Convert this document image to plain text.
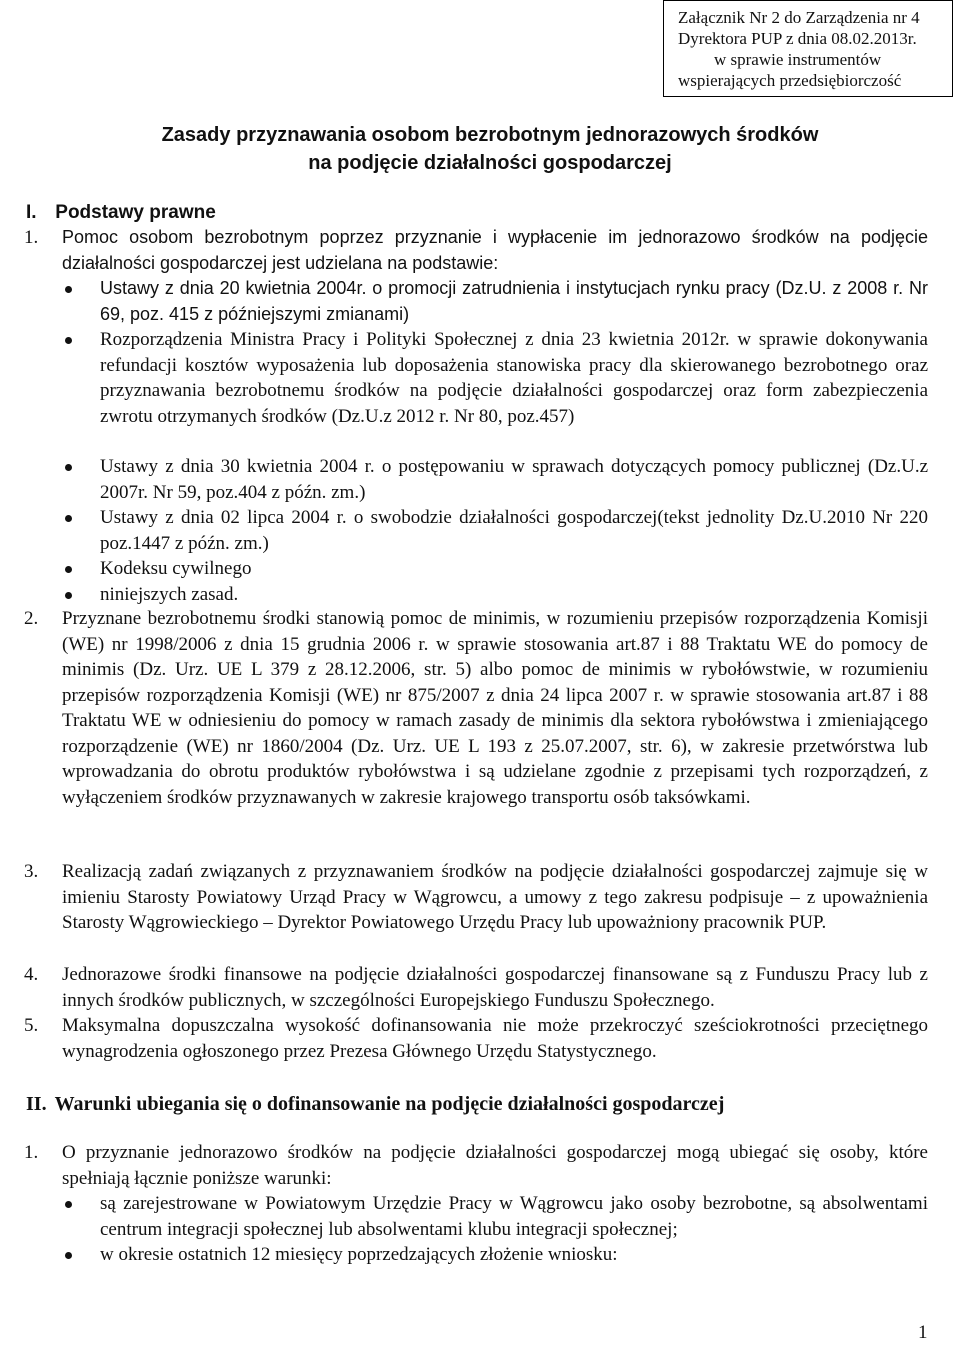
Załącznik Nr 2 do Zarządzenia nr 4
Dyrektora PUP z dnia 08.02.2013r.
w sprawie instrumentów
wspierających przedsiębiorczość
Zasady przyznawania osobom bezrobotnym jednorazowych środków
na podjęcie działalności gospodarczej
I. Podstawy prawne
1. Pomoc osobom bezrobotnym poprzez przyznanie i wypłacenie im jednorazowo środków na podjęcie działalności gospodarczej jest udzielana na podstawie:

Ustawy z dnia 20 kwietnia 2004r. o promocji zatrudnienia i instytucjach rynku pracy (Dz.U. z 2008 r. Nr 69, poz. 415 z późniejszymi zmianami)
Rozporządzenia Ministra Pracy i Polityki Społecznej z dnia 23 kwietnia 2012r. w sprawie dokonywania refundacji kosztów wyposażenia lub doposażenia stanowiska pracy dla skierowanego bezrobotnego oraz przyznawania bezrobotnemu środków na podjęcie działalności gospodarczej oraz form zabezpieczenia zwrotu otrzymanych środków (Dz.U.z 2012 r. Nr 80, poz.457)
Ustawy z dnia 30 kwietnia 2004 r. o postępowaniu w sprawach dotyczących pomocy publicznej (Dz.U.z 2007r. Nr 59, poz.404 z późn. zm.)
Ustawy z dnia 02 lipca 2004 r. o swobodzie działalności gospodarczej(tekst jednolity Dz.U.2010 Nr 220 poz.1447 z późn. zm.)
Kodeksu cywilnego
niniejszych zasad.
2. Przyznane bezrobotnemu środki stanowią pomoc de minimis, w rozumieniu przepisów rozporządzenia Komisji (WE) nr 1998/2006 z dnia 15 grudnia 2006 r. w sprawie stosowania art.87 i 88 Traktatu WE do pomocy de minimis (Dz. Urz. UE L 379 z 28.12.2006, str. 5) albo pomoc de minimis w rybołówstwie, w rozumieniu przepisów rozporządzenia Komisji (WE) nr 875/2007 z dnia 24 lipca 2007 r. w sprawie stosowania art.87 i 88 Traktatu WE w odniesieniu do pomocy w ramach zasady de minimis dla sektora rybołówstwa i zmieniającego rozporządzenie (WE) nr 1860/2004 (Dz. Urz. UE L 193 z 25.07.2007, str. 6), w zakresie przetwórstwa lub wprowadzania do obrotu produktów rybołówstwa i są udzielane zgodnie z przepisami tych rozporządzeń, z wyłączeniem środków przyznawanych w zakresie krajowego transportu osób taksówkami.

3. Realizacją zadań związanych z przyznawaniem środków na podjęcie działalności gospodarczej zajmuje się w imieniu Starosty Powiatowy Urząd Pracy w Wągrowcu, a umowy z tego zakresu podpisuje – z upoważnienia Starosty Wągrowieckiego – Dyrektor Powiatowego Urzędu Pracy lub upoważniony pracownik PUP.

4. Jednorazowe środki finansowe na podjęcie działalności gospodarczej finansowane są z Funduszu Pracy lub z innych środków publicznych, w szczególności Europejskiego Funduszu Społecznego.

5. Maksymalna dopuszczalna wysokość dofinansowania nie może przekroczyć sześciokrotności przeciętnego wynagrodzenia ogłoszonego przez Prezesa Głównego Urzędu Statystycznego.

II. Warunki ubiegania się o dofinansowanie na podjęcie działalności gospodarczej
1. O przyznanie jednorazowo środków na podjęcie działalności gospodarczej mogą ubiegać się osoby, które spełniają łącznie poniższe warunki:

są zarejestrowane w Powiatowym Urzędzie Pracy w Wągrowcu jako osoby bezrobotne, są absolwentami centrum integracji społecznej lub absolwentami klubu integracji społecznej;
w okresie ostatnich 12 miesięcy poprzedzających złożenie wniosku:
1
